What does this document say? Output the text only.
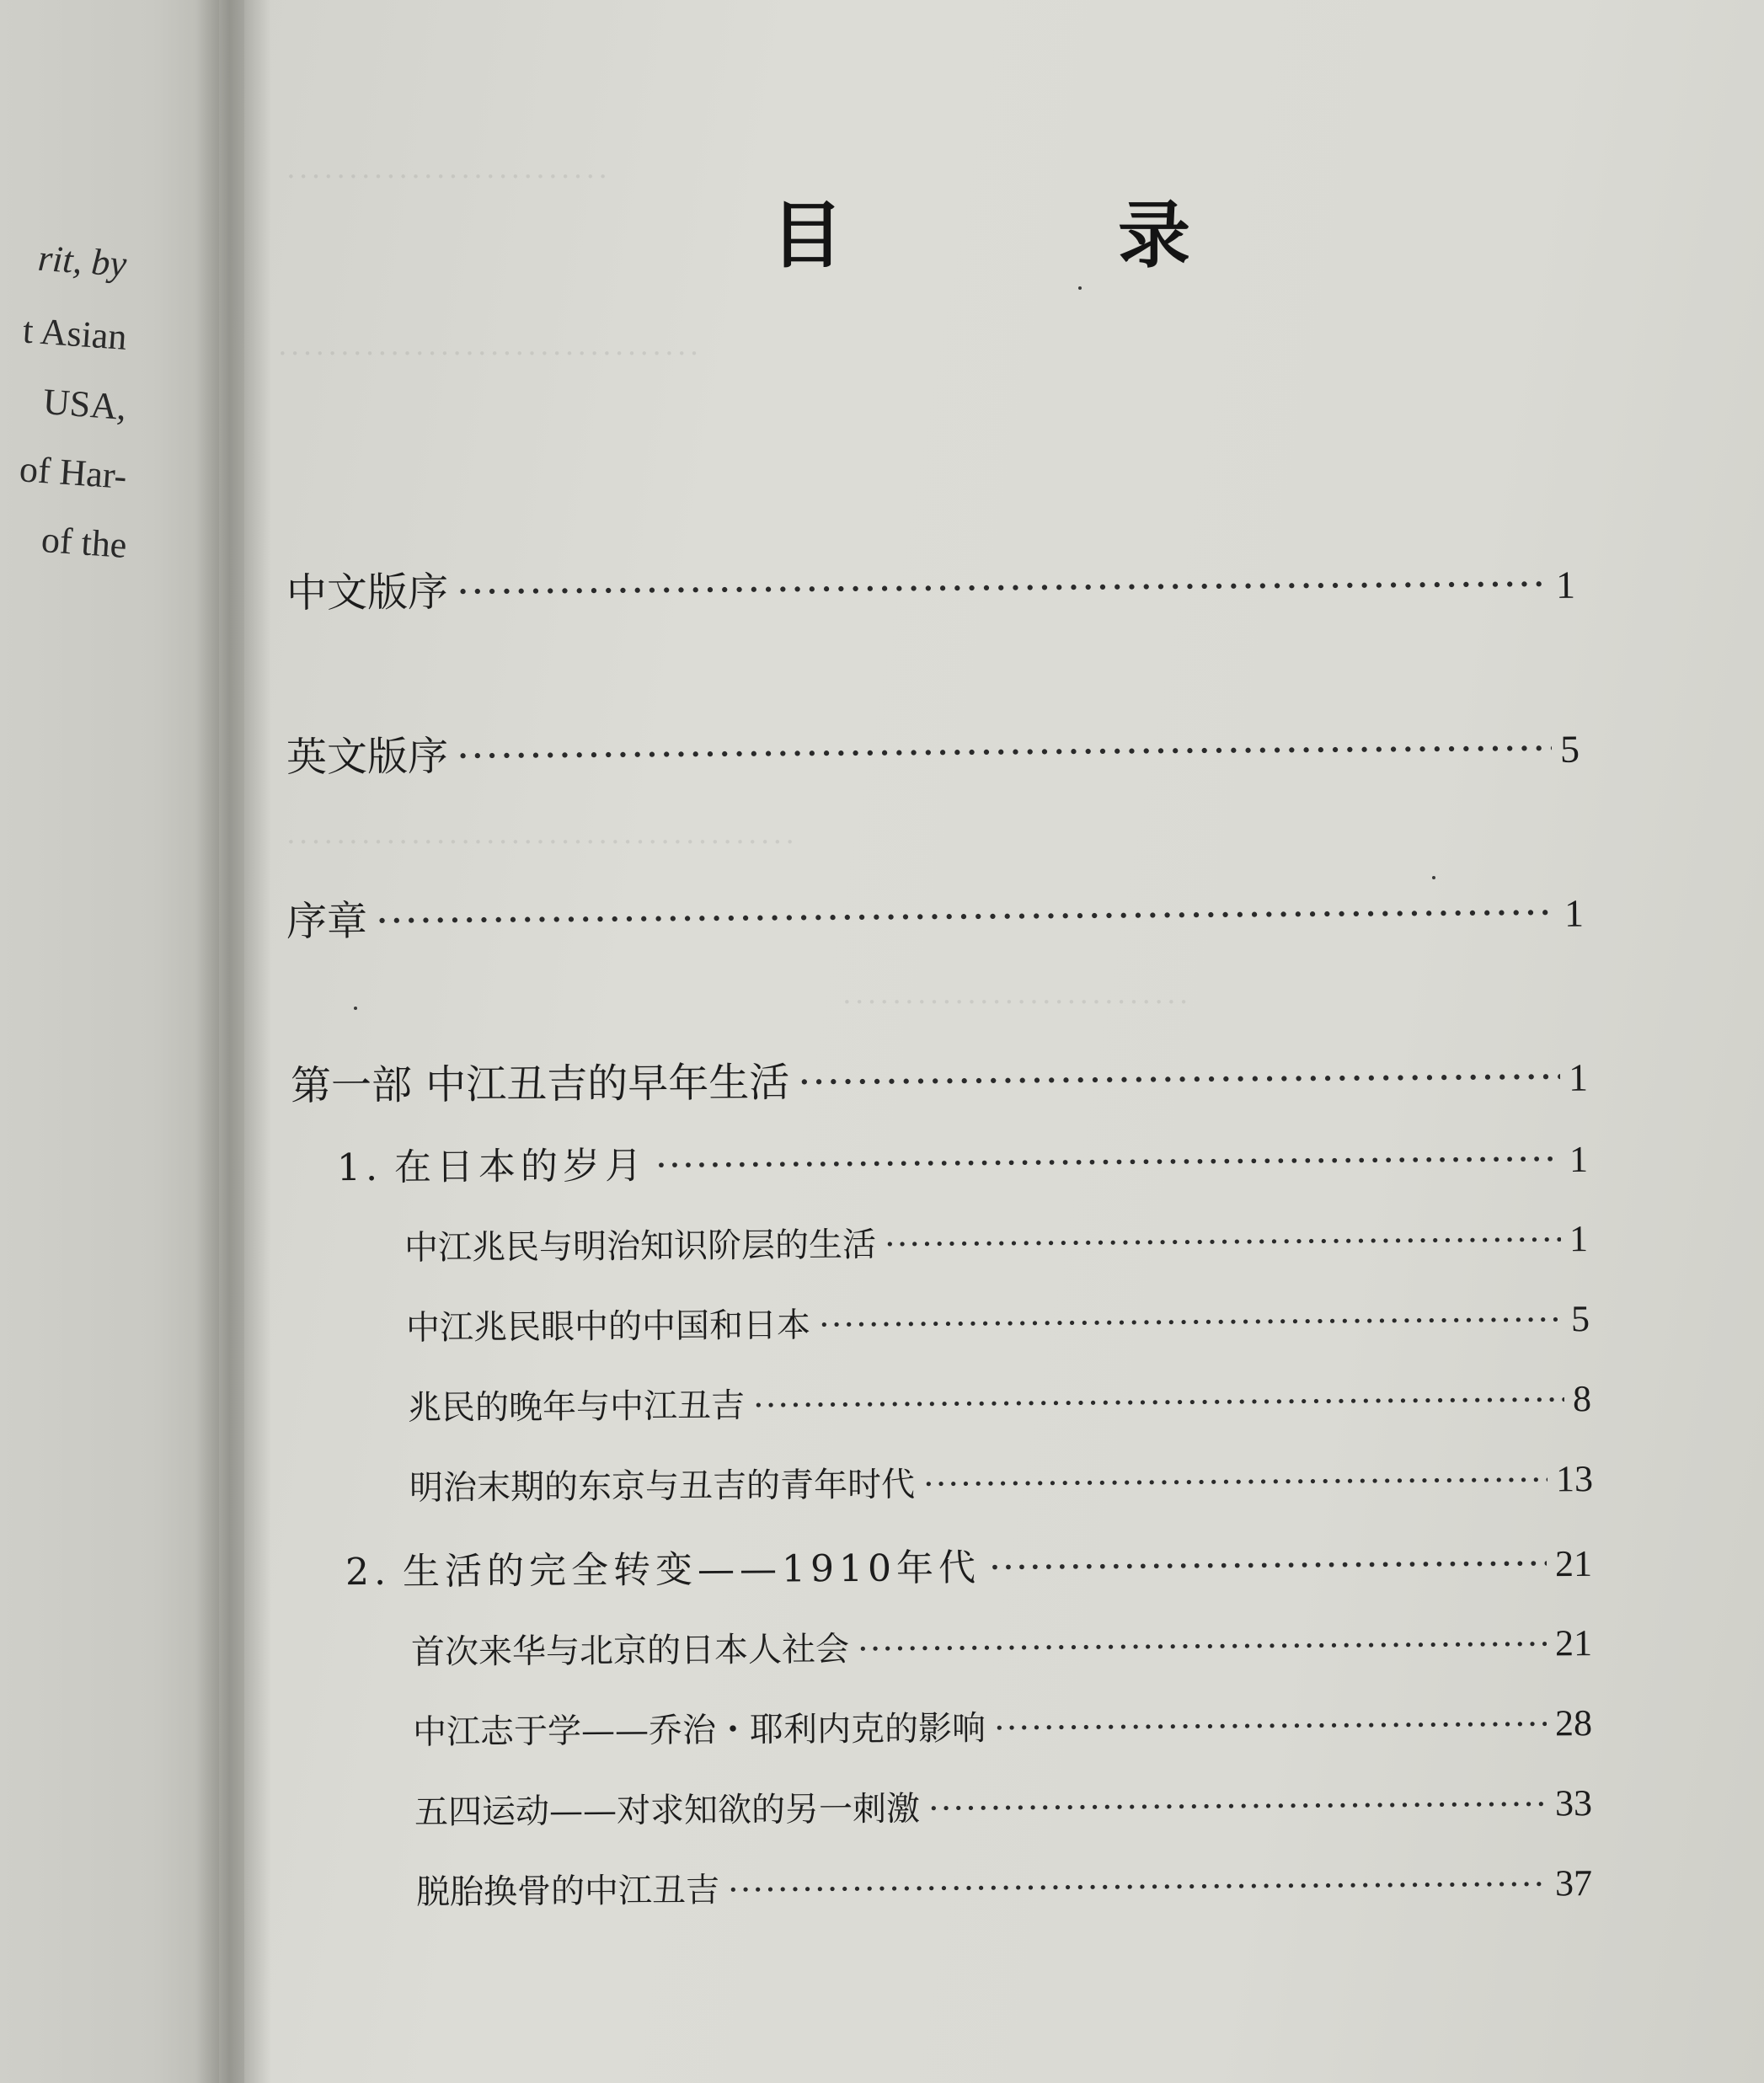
rit, by
t Asian
USA,
of Har-
of the
··························
··································
·········································
····························
目　录
中文版序 ·····	1
英文版序 ·····	5
序章 ·····	1
第一部 中江丑吉的早年生活 ·····	1
1. 在日本的岁月 ·····	1
中江兆民与明治知识阶层的生活 ·····	1
中江兆民眼中的中国和日本 ·····	5
兆民的晚年与中江丑吉 ·····	8
明治末期的东京与丑吉的青年时代 ·····	13
2. 生活的完全转变——1910年代 ·····	21
首次来华与北京的日本人社会 ·····	21
中江志于学——乔治・耶利内克的影响 ·····	28
五四运动——对求知欲的另一刺激 ·····	33
脱胎换骨的中江丑吉 ·····	37
